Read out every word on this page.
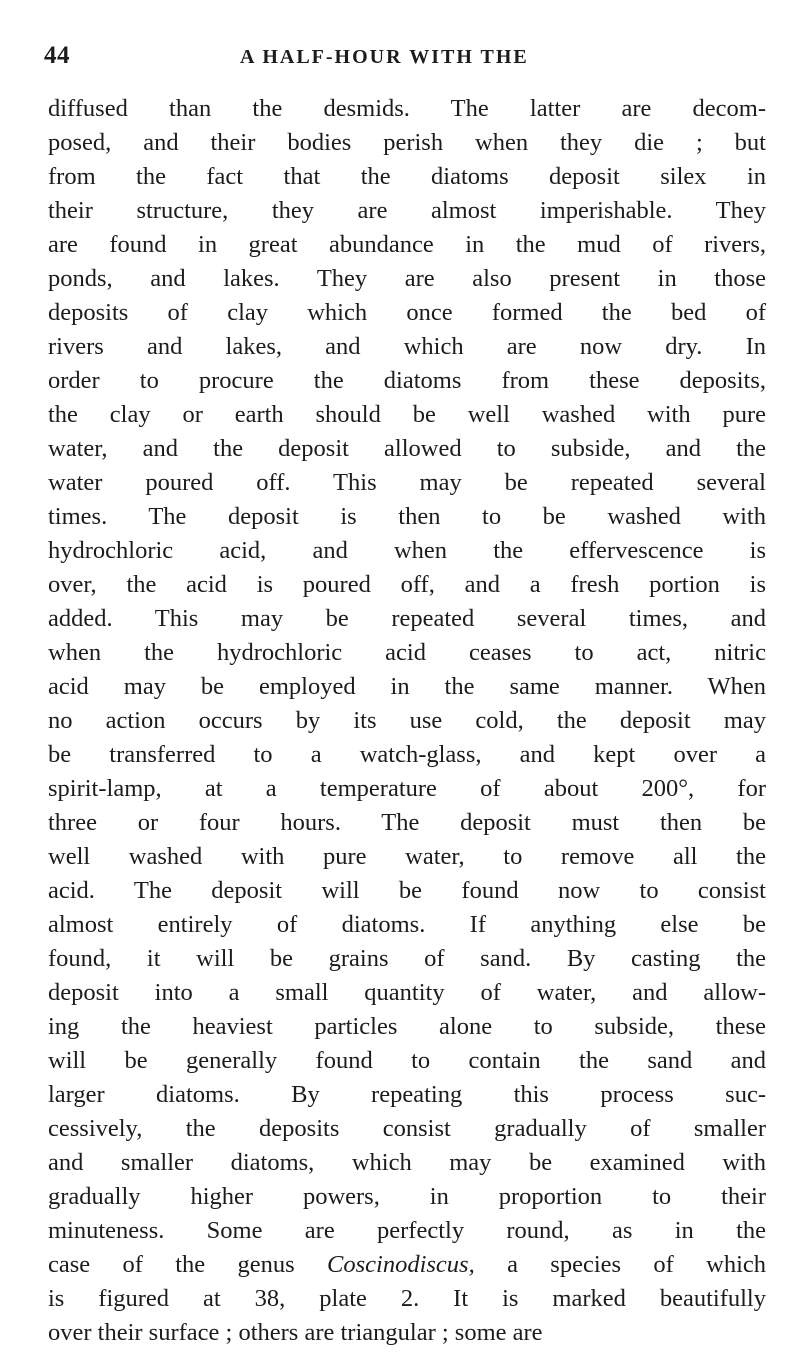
44	A HALF-HOUR WITH THE
diffused than the desmids. The latter are decom-
posed, and their bodies perish when they die ; but
from the fact that the diatoms deposit silex in
their structure, they are almost imperishable. They
are found in great abundance in the mud of rivers,
ponds, and lakes. They are also present in those
deposits of clay which once formed the bed of
rivers and lakes, and which are now dry. In
order to procure the diatoms from these deposits,
the clay or earth should be well washed with pure
water, and the deposit allowed to subside, and the
water poured off. This may be repeated several
times. The deposit is then to be washed with
hydrochloric acid, and when the effervescence is
over, the acid is poured off, and a fresh portion is
added. This may be repeated several times, and
when the hydrochloric acid ceases to act, nitric
acid may be employed in the same manner. When
no action occurs by its use cold, the deposit may
be transferred to a watch-glass, and kept over a
spirit-lamp, at a temperature of about 200°, for
three or four hours. The deposit must then be
well washed with pure water, to remove all the
acid. The deposit will be found now to consist
almost entirely of diatoms. If anything else be
found, it will be grains of sand. By casting the
deposit into a small quantity of water, and allow-
ing the heaviest particles alone to subside, these
will be generally found to contain the sand and
larger diatoms. By repeating this process suc-
cessively, the deposits consist gradually of smaller
and smaller diatoms, which may be examined with
gradually higher powers, in proportion to their
minuteness. Some are perfectly round, as in the
case of the genus Coscinodiscus, a species of which
is figured at 38, plate 2. It is marked beautifully
over their surface ; others are triangular ; some are
